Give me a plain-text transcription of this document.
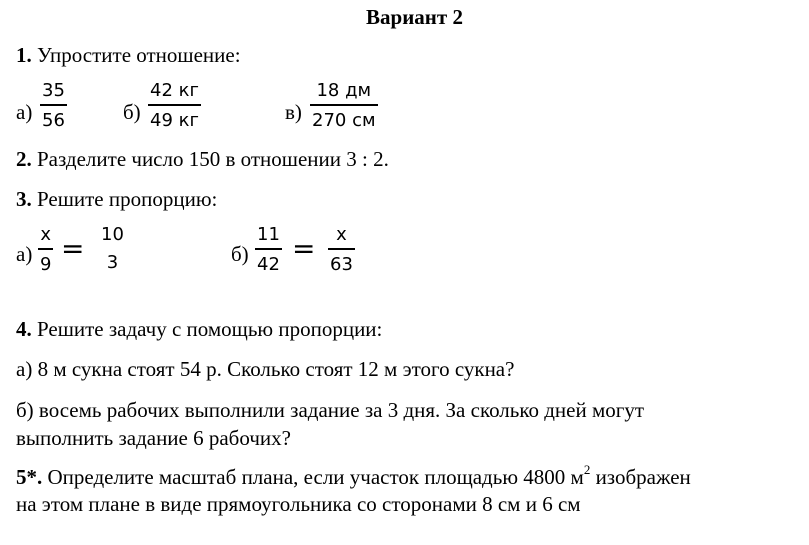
Вариант 2
1. Упростите отношение:
а)
35
56	б)
42 кг
49 кг	в)
18 дм
270 см
2. Разделите число 150 в отношении 3 : 2.
3. Решите пропорцию:
а)
x
9 = 10
3	б)
11
42 = x
63
4. Решите задачу с помощью пропорции:
а) 8 м сукна стоят 54 р. Сколько стоят 12 м этого сукна?
б) восемь рабочих выполнили задание за 3 дня. За сколько дней могут
выполнить задание 6 рабочих?
5*. Определите масштаб плана, если участок площадью 4800 $м^2$ изображен
на этом плане в виде прямоугольника со сторонами 8 см и 6 см
